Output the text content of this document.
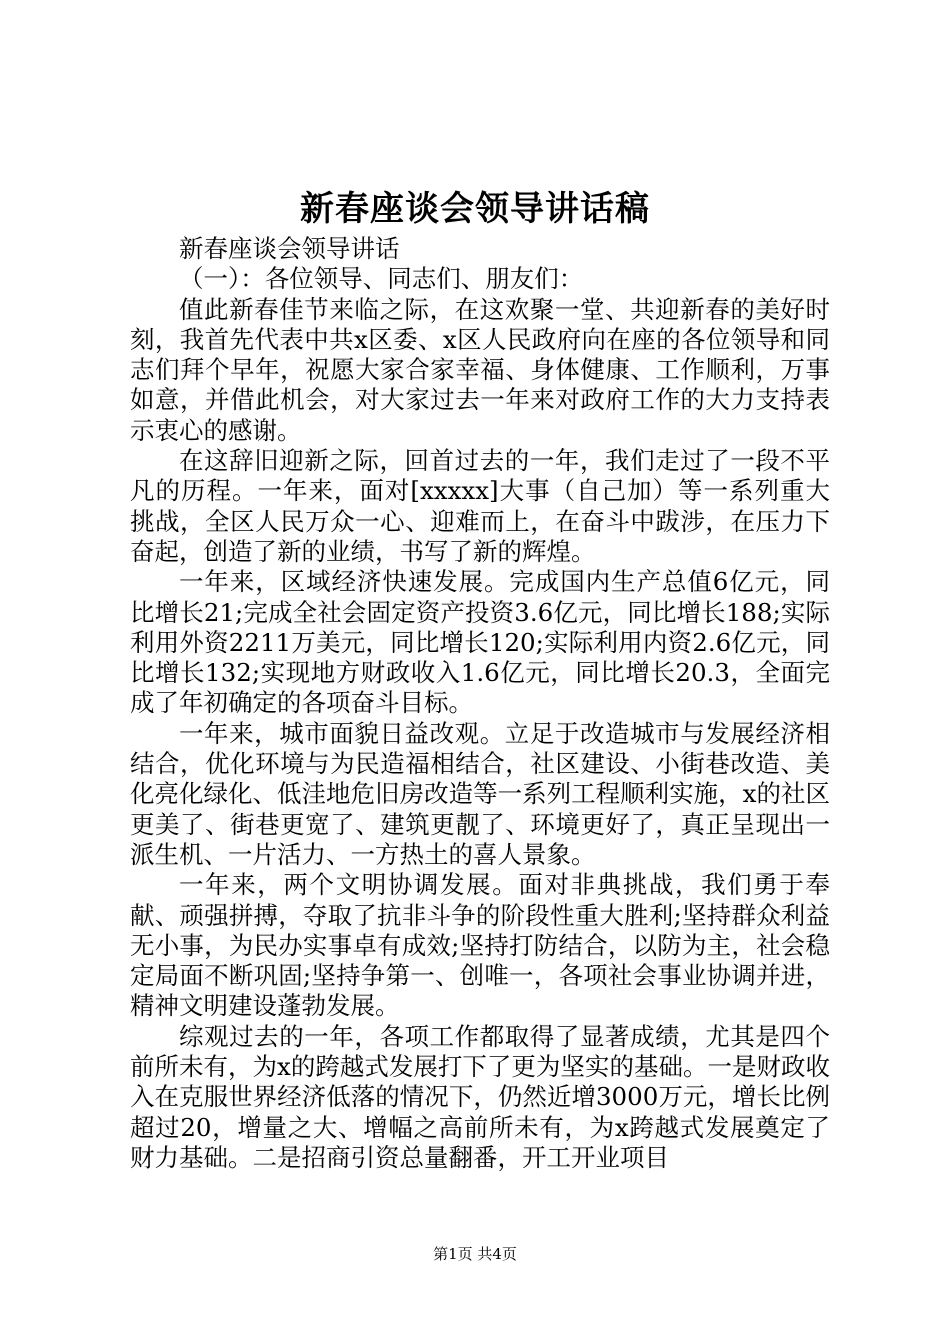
新春座谈会领导讲话稿

新春座谈会领导讲话

（一）：各位领导、同志们、朋友们：

值此新春佳节来临之际，在这欢聚一堂、共迎新春的美好时刻，我首先代表中共x区委、x区人民政府向在座的各位领导和同志们拜个早年，祝愿大家合家幸福、身体健康、工作顺利，万事如意，并借此机会，对大家过去一年来对政府工作的大力支持表示衷心的感谢。

在这辞旧迎新之际，回首过去的一年，我们走过了一段不平凡的历程。一年来，面对[xxxxx]大事（自己加）等一系列重大挑战，全区人民万众一心、迎难而上，在奋斗中跋涉，在压力下奋起，创造了新的业绩，书写了新的辉煌。

一年来，区域经济快速发展。完成国内生产总值6亿元，同比增长21;完成全社会固定资产投资3.6亿元，同比增长188;实际利用外资2211万美元，同比增长120;实际利用内资2.6亿元，同比增长132;实现地方财政收入1.6亿元，同比增长20.3，全面完成了年初确定的各项奋斗目标。

一年来，城市面貌日益改观。立足于改造城市与发展经济相结合，优化环境与为民造福相结合，社区建设、小街巷改造、美化亮化绿化、低洼地危旧房改造等一系列工程顺利实施，x的社区更美了、街巷更宽了、建筑更靓了、环境更好了，真正呈现出一派生机、一片活力、一方热土的喜人景象。

一年来，两个文明协调发展。面对非典挑战，我们勇于奉献、顽强拼搏，夺取了抗非斗争的阶段性重大胜利;坚持群众利益无小事，为民办实事卓有成效;坚持打防结合，以防为主，社会稳定局面不断巩固;坚持争第一、创唯一，各项社会事业协调并进，精神文明建设蓬勃发展。

综观过去的一年，各项工作都取得了显著成绩，尤其是四个前所未有，为x的跨越式发展打下了更为坚实的基础。一是财政收入在克服世界经济低落的情况下，仍然近增3000万元，增长比例超过20，增量之大、增幅之高前所未有，为x跨越式发展奠定了财力基础。二是招商引资总量翻番，开工开业项目

第1页 共4页
